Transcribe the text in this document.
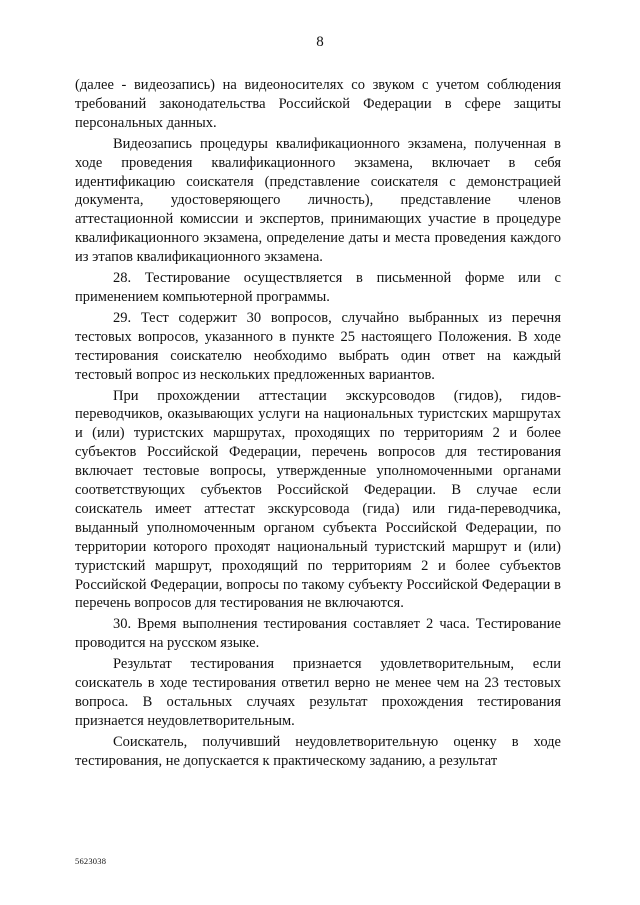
8

(далее - видеозапись) на видеоносителях со звуком с учетом соблюдения требований законодательства Российской Федерации в сфере защиты персональных данных.

Видеозапись процедуры квалификационного экзамена, полученная в ходе проведения квалификационного экзамена, включает в себя идентификацию соискателя (представление соискателя с демонстрацией документа, удостоверяющего личность), представление членов аттестационной комиссии и экспертов, принимающих участие в процедуре квалификационного экзамена, определение даты и места проведения каждого из этапов квалификационного экзамена.

28. Тестирование осуществляется в письменной форме или с применением компьютерной программы.

29. Тест содержит 30 вопросов, случайно выбранных из перечня тестовых вопросов, указанного в пункте 25 настоящего Положения. В ходе тестирования соискателю необходимо выбрать один ответ на каждый тестовый вопрос из нескольких предложенных вариантов.

При прохождении аттестации экскурсоводов (гидов), гидов-переводчиков, оказывающих услуги на национальных туристских маршрутах и (или) туристских маршрутах, проходящих по территориям 2 и более субъектов Российской Федерации, перечень вопросов для тестирования включает тестовые вопросы, утвержденные уполномоченными органами соответствующих субъектов Российской Федерации. В случае если соискатель имеет аттестат экскурсовода (гида) или гида-переводчика, выданный уполномоченным органом субъекта Российской Федерации, по территории которого проходят национальный туристский маршрут и (или) туристский маршрут, проходящий по территориям 2 и более субъектов Российской Федерации, вопросы по такому субъекту Российской Федерации в перечень вопросов для тестирования не включаются.

30. Время выполнения тестирования составляет 2 часа. Тестирование проводится на русском языке.

Результат тестирования признается удовлетворительным, если соискатель в ходе тестирования ответил верно не менее чем на 23 тестовых вопроса. В остальных случаях результат прохождения тестирования признается неудовлетворительным.

Соискатель, получивший неудовлетворительную оценку в ходе тестирования, не допускается к практическому заданию, а результат

5623038
